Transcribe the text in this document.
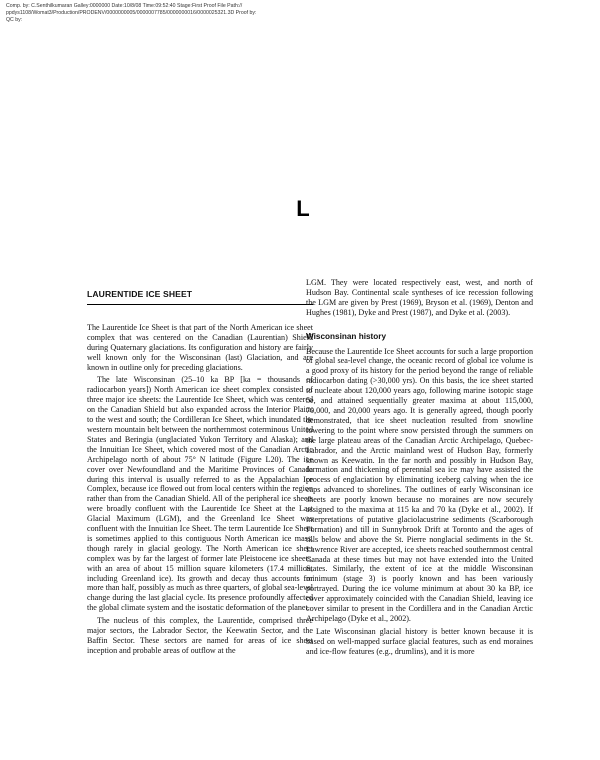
Comp. by: C.Senthilkumaran Galley:0000000 Date:10/8/08 Time:09:52:40 Stage:First Proof File Path://
ppdys1108/Womat3/Production/PRODENV/0000000005/0000007785/0000000016/0000025321.3D Proof by:
QC by:
L
LAURENTIDE ICE SHEET

The Laurentide Ice Sheet is that part of the North American ice sheet complex that was centered on the Canadian (Laurentian) Shield during Quaternary glaciations. Its configuration and history are fairly well known only for the Wisconsinan (last) Glaciation, and are known in outline only for preceding glaciations.

The late Wisconsinan (25–10 ka BP [ka = thousands of radiocarbon years]) North American ice sheet complex consisted of three major ice sheets: the Laurentide Ice Sheet, which was centered on the Canadian Shield but also expanded across the Interior Plains to the west and south; the Cordilleran Ice Sheet, which inundated the western mountain belt between the northernmost coterminous United States and Beringia (unglaciated Yukon Territory and Alaska); and the Innuitian Ice Sheet, which covered most of the Canadian Arctic Archipelago north of about 75° N latitude (Figure L20). The ice cover over Newfoundland and the Maritime Provinces of Canada during this interval is usually referred to as the Appalachian Ice Complex, because ice flowed out from local centers within the region rather than from the Canadian Shield. All of the peripheral ice sheets were broadly confluent with the Laurentide Ice Sheet at the Last Glacial Maximum (LGM), and the Greenland Ice Sheet was confluent with the Innuitian Ice Sheet. The term Laurentide Ice Sheet is sometimes applied to this contiguous North American ice mass, though rarely in glacial geology. The North American ice sheet complex was by far the largest of former late Pleistocene ice sheets, with an area of about 15 million square kilometers (17.4 million, including Greenland ice). Its growth and decay thus accounts for more than half, possibly as much as three quarters, of global sea-level change during the last glacial cycle. Its presence profoundly affected the global climate system and the isostatic deformation of the planet.

The nucleus of this complex, the Laurentide, comprised three major sectors, the Labrador Sector, the Keewatin Sector, and the Baffin Sector. These sectors are named for areas of ice sheet inception and probable areas of outflow at the

LGM. They were located respectively east, west, and north of Hudson Bay. Continental scale syntheses of ice recession following the LGM are given by Prest (1969), Bryson et al. (1969), Denton and Hughes (1981), Dyke and Prest (1987), and Dyke et al. (2003).

Wisconsinan history

Because the Laurentide Ice Sheet accounts for such a large proportion of global sea-level change, the oceanic record of global ice volume is a good proxy of its history for the period beyond the range of reliable radiocarbon dating (>30,000 yrs). On this basis, the ice sheet started to nucleate about 120,000 years ago, following marine isotopic stage 5e, and attained sequentially greater maxima at about 115,000, 70,000, and 20,000 years ago. It is generally agreed, though poorly demonstrated, that ice sheet nucleation resulted from snowline lowering to the point where snow persisted through the summers on the large plateau areas of the Canadian Arctic Archipelago, Quebec-Labrador, and the Arctic mainland west of Hudson Bay, formerly known as Keewatin. In the far north and possibly in Hudson Bay, formation and thickening of perennial sea ice may have assisted the process of englaciation by eliminating iceberg calving when the ice caps advanced to shorelines. The outlines of early Wisconsinan ice sheets are poorly known because no moraines are now securely assigned to the maxima at 115 ka and 70 ka (Dyke et al., 2002). If interpretations of putative glaciolacustrine sediments (Scarborough Formation) and till in Sunnybrook Drift at Toronto and the ages of tills below and above the St. Pierre nonglacial sediments in the St. Lawrence River are accepted, ice sheets reached southernmost central Canada at these times but may not have extended into the United States. Similarly, the extent of ice at the middle Wisconsinan minimum (stage 3) is poorly known and has been variously portrayed. During the ice volume minimum at about 30 ka BP, ice cover approximately coincided with the Canadian Shield, leaving ice cover similar to present in the Cordillera and in the Canadian Arctic Archipelago (Dyke et al., 2002).

Late Wisconsinan glacial history is better known because it is based on well-mapped surface glacial features, such as end moraines and ice-flow features (e.g., drumlins), and it is more
